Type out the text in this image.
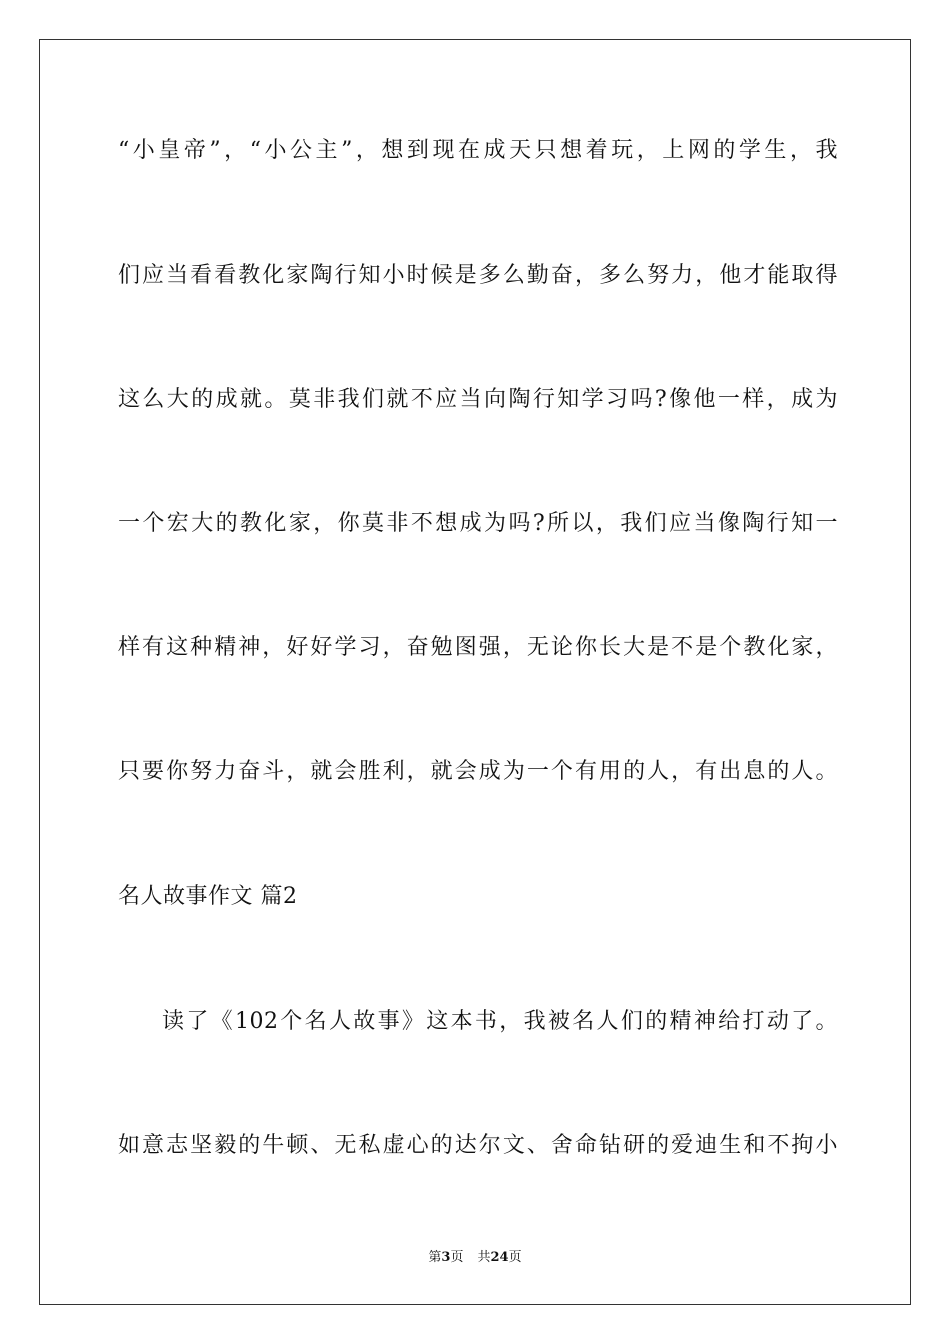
“小皇帝”，“小公主”，想到现在成天只想着玩，上网的学生，我
们应当看看教化家陶行知小时候是多么勤奋，多么努力，他才能取得
这么大的成就。莫非我们就不应当向陶行知学习吗?像他一样，成为
一个宏大的教化家，你莫非不想成为吗?所以，我们应当像陶行知一
样有这种精神，好好学习，奋勉图强，无论你长大是不是个教化家，
只要你努力奋斗，就会胜利，就会成为一个有用的人，有出息的人。
名人故事作文 篇2
读了《102个名人故事》这本书，我被名人们的精神给打动了。
如意志坚毅的牛顿、无私虚心的达尔文、舍命钻研的爱迪生和不拘小
第3页 共24页
